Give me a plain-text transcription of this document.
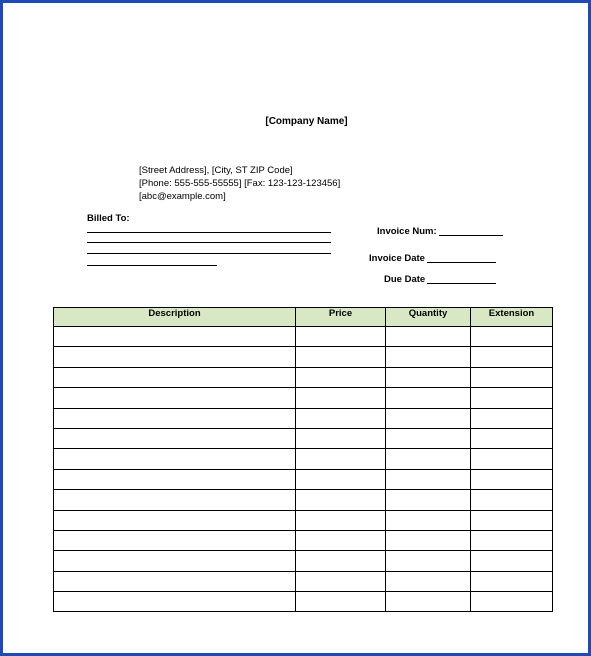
[Company Name]
[Street Address], [City, ST ZIP Code]
[Phone: 555-555-55555] [Fax: 123-123-123456]
[abc@example.com]
Billed To:
Invoice Num:
Invoice Date
Due Date
Description	Price	Quantity	Extension
